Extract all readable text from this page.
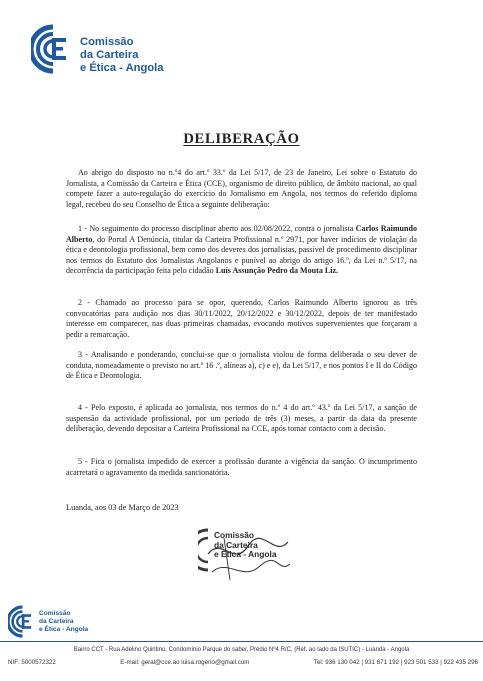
Comissão
da Carteira
e Ética - Angola

DELIBERAÇÃO

Ao abrigo do disposto no n.º4 do art.º 33.º da Lei 5/17, de 23 de Janeiro, Lei sobre o Estatuto do Jornalista, a Comissão da Carteira e Ética (CCE), organismo de direito público, de âmbito nacional, ao qual compete fazer a auto-regulação do exercício do Jornalismo em Angola, nos termos do referido diploma legal, recebeu do seu Conselho de Ética a seguinte deliberação:

1 - No seguimento do processo disciplinar aberto aos 02/08/2022, contra o jornalista Carlos Raimundo Alberto, do Portal A Denúncia, titular da Carteira Profissional n.º 2971, por haver indícios de violação da ética e deontologia profissional, bem como dos deveres dos jornalistas, passível de procedimento disciplinar nos termos do Estatuto dos Jornalistas Angolanos e punível ao abrigo do artigo 16.º, da Lei n.º 5/17, na decorrência da participação feita pelo cidadão Luís Assunção Pedro da Mouta Liz.

2 - Chamado ao processo para se opor, querendo, Carlos Raimundo Alberto ignorou as três convocatórias para audição nos dias 30/11/2022, 20/12/2022 e 30/12/2022, depois de ter manifestado interesse em comparecer, nas duas primeiras chamadas, evocando motivos supervenientes que forçaram a pedir a remarcação.

3 - Analisando e ponderando, conclui-se que o jornalista violou de forma deliberada o seu dever de conduta, nomeadamente o previsto no art.º 16 .º, alíneas a), c) e e), da Lei 5/17, e nos pontos I e II do Código de Ética e Deontologia.

4 - Pelo exposto, é aplicada ao jornalista, nos termos do n.º 4 do art.º 43.º da Lei 5/17, a sanção de suspensão da actividade profissional, por um período de três (3) meses, a partir da data da presente deliberação, devendo depositar a Carteira Profissional na CCE, após tomar contacto com a decisão.

5 - Fica o jornalista impedido de exercer a profissão durante a vigência da sanção. O incumprimento acarretará o agravamento da medida sancionatória.

Luanda, aos 03 de Março de 2023

Comissão
da Carteira
e Ética - Angola

Comissão
da Carteira
e Ética - Angola

Bairro CCT - Rua Adelino Quintino, Condomínio Parque do saber, Prédio Nº4 R/C, (Ref. ao lado da ISUTIC) - Luanda - Angola

NIF: 5000572322	E-mail: geral@cce.ao luisa.rogerio@gmail.com	Tel: 936 130 042 | 931 671 192 | 923 501 533 | 922 435 296
